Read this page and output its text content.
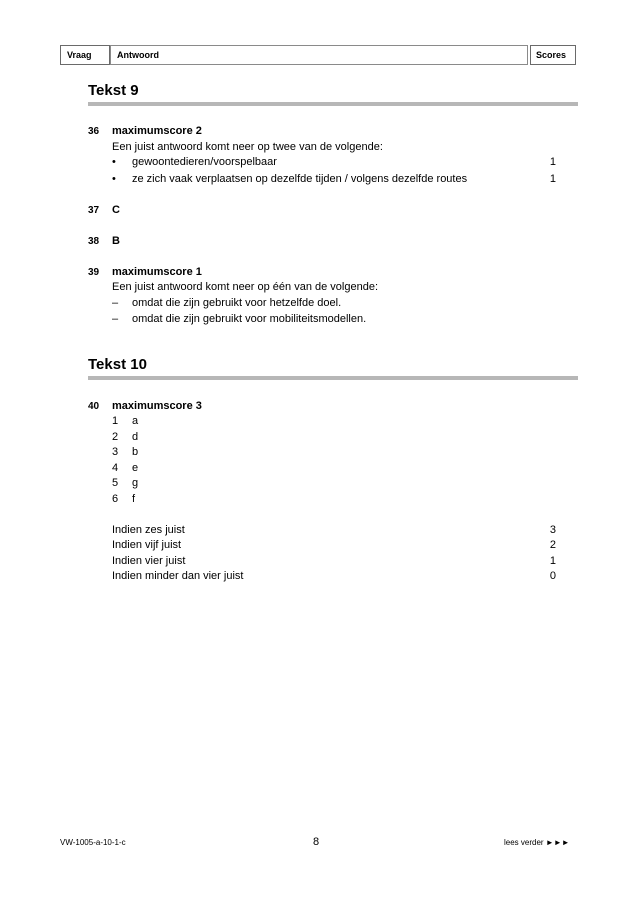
Vraag	Antwoord	Scores
Tekst 9
36 maximumscore 2
Een juist antwoord komt neer op twee van de volgende:
• gewoontedieren/voorspelbaar	1
• ze zich vaak verplaatsen op dezelfde tijden / volgens dezelfde routes	1
37 C
38 B
39 maximumscore 1
Een juist antwoord komt neer op één van de volgende:
– omdat die zijn gebruikt voor hetzelfde doel.
– omdat die zijn gebruikt voor mobiliteitsmodellen.
Tekst 10
40 maximumscore 3
1 a
2 d
3 b
4 e
5 g
6 f
Indien zes juist	3
Indien vijf juist	2
Indien vier juist	1
Indien minder dan vier juist	0
VW-1005-a-10-1-c	8	lees verder ►►►
